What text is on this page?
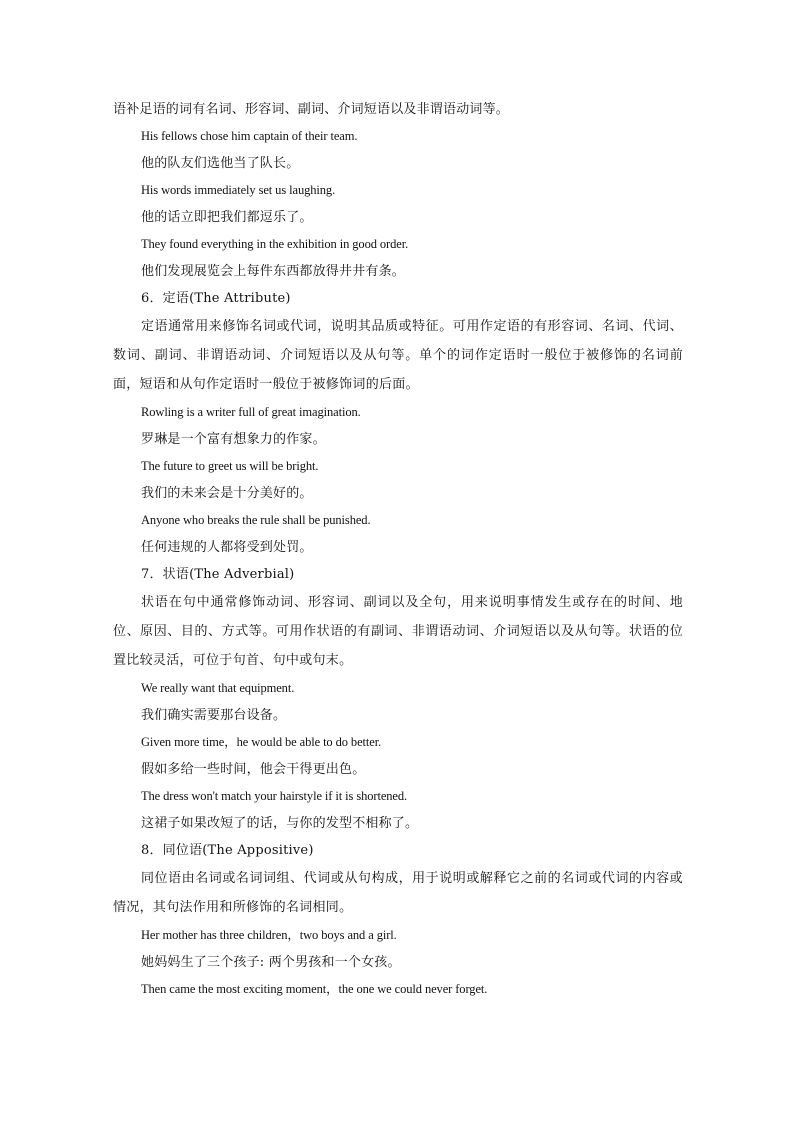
语补足语的词有名词、形容词、副词、介词短语以及非谓语动词等。

His fellows chose him captain of their team.

他的队友们选他当了队长。

His words immediately set us laughing.

他的话立即把我们都逗乐了。

They found everything in the exhibition in good order.

他们发现展览会上每件东西都放得井井有条。

6．定语(The Attribute)

定语通常用来修饰名词或代词，说明其品质或特征。可用作定语的有形容词、名词、代词、数词、副词、非谓语动词、介词短语以及从句等。单个的词作定语时一般位于被修饰的名词前面，短语和从句作定语时一般位于被修饰词的后面。

Rowling is a writer full of great imagination.

罗琳是一个富有想象力的作家。

The future to greet us will be bright.

我们的未来会是十分美好的。

Anyone who breaks the rule shall be punished.

任何违规的人都将受到处罚。

7．状语(The Adverbial)

状语在句中通常修饰动词、形容词、副词以及全句，用来说明事情发生或存在的时间、地位、原因、目的、方式等。可用作状语的有副词、非谓语动词、介词短语以及从句等。状语的位置比较灵活，可位于句首、句中或句末。

We really want that equipment.

我们确实需要那台设备。

Given more time，he would be able to do better.

假如多给一些时间，他会干得更出色。

The dress won't match your hairstyle if it is shortened.

这裙子如果改短了的话，与你的发型不相称了。

8．同位语(The Appositive)

同位语由名词或名词词组、代词或从句构成，用于说明或解释它之前的名词或代词的内容或情况，其句法作用和所修饰的名词相同。

Her mother has three children，two boys and a girl.

她妈妈生了三个孩子: 两个男孩和一个女孩。

Then came the most exciting moment，the one we could never forget.
